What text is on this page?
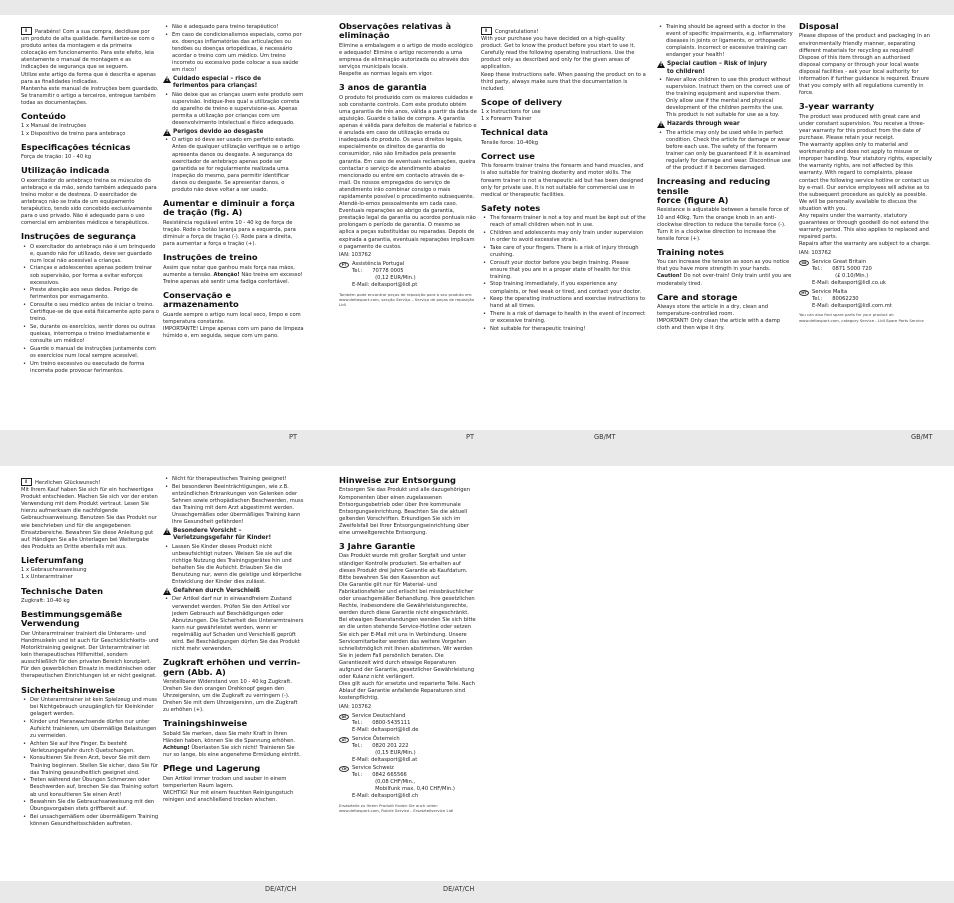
PT	PT	GB/MT	GB/MT
DE/AT/CH	DE/AT/CH

iParabéns! Com a sua compra, decidiuse por um produto de alta qualidade. Familiarize-se com o produto antes da montagem e da primeira colocação em funcionamento. Para este efeito, leia atentamente o manual de montagem e as indicações de segurança que se seguem.
Utilize este artigo da forma que é descrita e apenas para as finalidades indicadas.
Mantenha este manual de instruções bem guardado. Se transmitir o artigo a terceiros, entregue também todas as documentações.

Conteúdo

1 x Manual de instruções
1 x Dispositivo de treino para antebraço

Especificações técnicas

Força de tração: 10 - 40 kg

Utilização indicada

O exercitador do antebraço treina os músculos do antebraço e da mão, sendo também adequado para treino motor e de destreza. O exercitador de antebraço não se trata de um equipamento terapêutico, tendo sido concebido exclusivamente para o uso privado. Não é adequado para o uso comercial em ambientes médicos e terapêuticos.

Instruções de segurança
• O exercitador do antebraço não é um brinquedo e, quando não for utilizado, deve ser guardado num local não acessível a crianças.
• Crianças e adolescentes apenas podem treinar sob supervisão, por forma a evitar esforços excessivos.
• Preste atenção aos seus dedos. Perigo de ferimentos por esmagamento.
• Consulte o seu médico antes de iniciar o treino. Certifique-se de que está fisicamente apto para o treino.
• Se, durante os exercícios, sentir dores ou outras queixas, interrompa o treino imediatamente e consulte um médico!
• Guarde o manual de instruções juntamente com os exercícios num local sempre acessível.
• Um treino excessivo ou executado de forma incorreta pode provocar ferimentos.
• Não é adequado para treino terapêutico!
• Em caso de condicionalismos especiais, como por ex. doenças inflamatórias das articulações ou tendões ou doenças ortopédicas, é necessário acordar o treino com um médico. Um treino incorreto ou excessivo pode colocar a sua saúde em risco!
!
Cuidado especial – risco de
ferimentos para crianças!
• Não deixe que as crianças usem este produto sem supervisão. Indique-lhes qual a utilização correta do aparelho de treino e supervisione-as. Apenas permita a utilização por crianças com um desenvolvimento intelectual e físico adequado.
!
Perigos devido ao desgaste
• O artigo só deve ser usado em perfeito estado. Antes de qualquer utilização verifique se o artigo apresenta danos ou desgaste. A segurança do exercitador de antebraço apenas pode ser garantida se for regularmente realizada uma inspeção do mesmo, para permitir identificar danos ou desgaste. Se apresentar danos, o produto não deve voltar a ser usado.
Aumentar e diminuir a força
de tração (fig. A)

Resistência regulável entre 10 - 40 kg de força de tração. Rode o botão laranja para a esquerda, para diminuir a força de tração (-). Rode para a direita, para aumentar a força e tração (+).

Instruções de treino

Assim que notar que ganhou mais força nas mãos, aumente a tensão. Atenção! Não treine em excesso! Treine apenas até sentir uma fadiga confortável.

Conservação e
armazenamento

Guarde sempre o artigo num local seco, limpo e com temperatura constante.
IMPORTANTE! Limpe apenas com um pano de limpeza húmido e, em seguida, seque com um pano.

Observações relativas à
eliminação

Elimine a embalagem e o artigo de modo ecológico e adequado! Elimine o artigo recorrendo a uma empresa de eliminação autorizada ou através dos serviços municipais locais.
Respeite as normas legais em vigor.

3 anos de garantia

O produto foi produzido com os maiores cuidados e sob constante controlo. Com este produto obtém uma garantia de três anos, válida a partir da data de aquisição. Guarde o talão de compra. A garantia apenas é válida para defeitos de material e fabrico e é anulada em caso de utilização errada ou inadequada do produto. Os seus direitos legais, especialmente os direitos de garantia do consumidor, não são limitados pela presente garantia. Em caso de eventuais reclamações, queira contactar o serviço de atendimento abaixo mencionado ou entre em contacto através de e-mail. Os nossos empregados do serviço de atendimento irão combinar consigo o mais rapidamente possível o procedimento subsequente. Atendê-lo-emos pessoalmente em cada caso. Eventuais reparações ao abrigo da garantia, prestação legal da garantia ou acordos pontuais não prolongam o período de garantia. O mesmo se aplica a peças substituídas ou reparadas. Depois de expirada a garantia, eventuais reparações implicam o pagamento de custos.

IAN: 103762

PT	Assistência Portugal
Tel.:      70778 0005
(0,12 EUR/Min.)
E-Mail: deltasport@lidl.pt

Também pode encontrar peças de reposição para o seu produto em: www.deltasport.com, secção Serviço – Serviço de peças de reposição Lidl

iCongratulations!
With your purchase you have decided on a high-quality product. Get to know the product before you start to use it. Carefully read the following operating instructions. Use the product only as described and only for the given areas of application.
Keep these instructions safe. When passing the product on to a third party, always make sure that the documentation is included.

Scope of delivery

1 x Instructions for use
1 x Forearm Trainer

Technical data

Tensile force: 10-40kg

Correct use

This forearm trainer trains the forearm and hand muscles, and is also suitable for training dexterity and motor skills. The forearm trainer is not a therapeutic aid but has been designed only for private use. It is not suitable for commercial use in medical or therapeutic facilities.

Safety notes
• The forearm trainer is not a toy and must be kept out of the reach of small children when not in use.
• Children and adolescents may only train under supervision in order to avoid excessive strain.
• Take care of your fingers. There is a risk of injury through crushing.
• Consult your doctor before you begin training. Please ensure that you are in a proper state of health for this training.
• Stop training immediately, if you experience any complaints, or feel weak or tired, and contact your doctor.
• Keep the operating instructions and exercise instructions to hand at all times.
• There is a risk of damage to health in the event of incorrect or excessive training.
• Not suitable for therapeutic training!
• Training should be agreed with a doctor in the event of specific impairments, e.g. inflammatory diseases in joints or ligaments, or orthopaedic complaints. Incorrect or excessive training can endanger your health!
!
Special caution – Risk of injury
to children!
• Never allow children to use this product without supervision. Instruct them on the correct use of the training equipment and supervise them. Only allow use if the mental and physical development of the children permits the use. This product is not suitable for use as a toy.
!
Hazards through wear
• The article may only be used while in perfect condition. Check the article for damage or wear before each use. The safety of the forearm trainer can only be guaranteed if it is examined regularly for damage and wear. Discontinue use of the product if it becomes damaged.
Increasing and reducing tensile
force (figure A)

Resistance is adjustable between a tensile force of 10 and 40kg. Turn the orange knob in an anti-clockwise direction to reduce the tensile force (-). Turn it in a clockwise direction to increase the tensile force (+).

Training notes

You can increase the tension as soon as you notice that you have more strength in your hands. Caution! Do not over-train! Only train until you are moderately tired.

Care and storage

Always store the article in a dry, clean and temperature-controlled room.
IMPORTANT! Only clean the article with a damp cloth and then wipe it dry.

Disposal

Please dispose of the product and packaging in an environmentally friendly manner, separating different materials for recycling as required!
Dispose of this item through an authorised disposal company or through your local waste disposal facilities - ask your local authority for information if further guidance is required. Ensure that you comply with all regulations currently in force.

3-year warranty

The product was produced with great care and under constant supervision. You receive a three-year warranty for this product from the date of purchase. Please retain your receipt.
The warranty applies only to material and workmanship and does not apply to misuse or improper handling. Your statutory rights, especially the warranty rights, are not affected by this warranty. With regard to complaints, please contact the following service hotline or contact us by e-mail. Our service employees will advise as to the subsequent procedure as quickly as possible.
We will be personally available to discuss the situation with you.
Any repairs under the warranty, statutory guarantees or through goodwill do not extend the warranty period. This also applies to replaced and repaired parts.
Repairs after the warranty are subject to a charge.

IAN: 103762

GB	Service Great Britain
Tel.:      0871 5000 720
(£ 0.10/Min.)
E-Mail: deltasport@lidl.co.uk
MT	Service Malta
Tel.:      80062230
E-Mail: deltasport@lidl.com.mt

You can also find spare parts for your product at: www.deltasport.com, category Service - Lidl Spare Parts Service

iHerzlichen Glückwunsch!
Mit Ihrem Kauf haben Sie sich für ein hochwertiges Produkt entschieden. Machen Sie sich vor der ersten Verwendung mit dem Produkt vertraut. Lesen Sie hierzu aufmerksam die nachfolgende Gebrauchsanweisung. Benutzen Sie das Produkt nur wie beschrieben und für die angegebenen Einsatzbereiche. Bewahren Sie diese Anleitung gut auf. Händigen Sie alle Unterlagen bei Weitergabe des Produkts an Dritte ebenfalls mit aus.

Lieferumfang

1 x Gebrauchsanweisung
1 x Unterarmtrainer

Technische Daten

Zugkraft: 10-40 kg

Bestimmungsgemäße
Verwendung

Der Unterarmtrainer trainiert die Unterarm- und Handmuskeln und ist auch für Geschicklichkeits- und Motoriktraining geeignet. Der Unterarmtrainer ist kein therapeutisches Hilfsmittel, sondern ausschließlich für den privaten Bereich konzipiert. Für den gewerblichen Einsatz in medizinischen oder therapeutischen Einrichtungen ist er nicht geeignet.

Sicherheitshinweise
• Der Unterarmtrainer ist kein Spielzeug und muss bei Nichtgebrauch unzugänglich für Kleinkinder gelagert werden.
• Kinder und Heranwachsende dürfen nur unter Aufsicht trainieren, um übermäßige Belastungen zu vermeiden.
• Achten Sie auf Ihre Finger. Es besteht Verletzungsgefahr durch Quetschungen.
• Konsultieren Sie Ihren Arzt, bevor Sie mit dem Training beginnen. Stellen Sie sicher, dass Sie für das Training gesundheitlich geeignet sind.
• Treten während der Übungen Schmerzen oder Beschwerden auf, brechen Sie das Training sofort ab und konsultieren Sie einen Arzt!
• Bewahren Sie die Gebrauchsanweisung mit den Übungsvorgaben stets griffbereit auf.
• Bei unsachgemäßem oder übermäßigem Training können Gesundheitsschäden auftreten.
• Nicht für therapeutisches Training geeignet!
• Bei besonderen Beeinträchtigungen, wie z.B. entzündlichen Erkrankungen von Gelenken oder Sehnen sowie orthopädischen Beschwerden, muss das Training mit dem Arzt abgestimmt werden. Unsachgemäßes oder übermäßiges Training kann Ihre Gesundheit gefährden!
!
Besondere Vorsicht –
Verletzungsgefahr für Kinder!
• Lassen Sie Kinder dieses Produkt nicht unbeaufsichtigt nutzen. Weisen Sie sie auf die richtige Nutzung des Trainingsgerätes hin und behalten Sie die Aufsicht. Erlauben Sie die Benutzung nur, wenn die geistige und körperliche Entwicklung der Kinder dies zulässt.
!
Gefahren durch Verschleiß
• Der Artikel darf nur in einwandfreiem Zustand verwendet werden. Prüfen Sie den Artikel vor jedem Gebrauch auf Beschädigungen oder Abnutzungen. Die Sicherheit des Unterarmtrainers kann nur gewährleistet werden, wenn er regelmäßig auf Schaden und Verschleiß geprüft wird. Bei Beschädigungen dürfen Sie das Produkt nicht mehr verwenden.
Zugkraft erhöhen und verrin-
gern (Abb. A)

Verstellbarer Widerstand von 10 - 40 kg Zugkraft. Drehen Sie den orangen Drehknopf gegen den Uhrzeigersinn, um die Zugkraft zu verringern (-). Drehen Sie mit dem Uhrzeigersinn, um die Zugkraft zu erhöhen (+).

Trainingshinweise

Sobald Sie merken, dass Sie mehr Kraft in Ihren Händen haben, können Sie die Spannung erhöhen. Achtung! Überlasten Sie sich nicht! Trainieren Sie nur so lange, bis eine angenehme Ermüdung eintritt.

Pflege und Lagerung

Den Artikel immer trocken und sauber in einem temperierten Raum lagern.
WICHTIG! Nur mit einem feuchten Reinigungstuch reinigen und anschließend trocken wischen.

Hinweise zur Entsorgung

Entsorgen Sie das Produkt und alle dazugehörigen Komponenten über einen zugelassenen Entsorgungsbetrieb oder über Ihre kommunale Entsorgungseinrichtung. Beachten Sie die aktuell geltenden Vorschriften. Erkundigen Sie sich im Zweifelsfall bei Ihrer Entsorgungseinrichtung über eine umweltgerechte Entsorgung.

3 Jahre Garantie

Das Produkt wurde mit großer Sorgfalt und unter ständiger Kontrolle produziert. Sie erhalten auf dieses Produkt drei Jahre Garantie ab Kaufdatum. Bitte bewahren Sie den Kassenbon auf.
Die Garantie gilt nur für Material- und Fabrikationsfehler und erlischt bei missbräuchlicher oder unsachgemäßer Behandlung. Ihre gesetzlichen Rechte, insbesondere die Gewährleistungsrechte, werden durch diese Garantie nicht eingeschränkt. Bei etwaigen Beanstandungen wenden Sie sich bitte an die unten stehende Service-Hotline oder setzen Sie sich per E-Mail mit uns in Verbindung. Unsere Servicemitarbeiter werden das weitere Vorgehen schnellstmöglich mit Ihnen abstimmen. Wir werden Sie in jedem Fall persönlich beraten. Die Garantiezeit wird durch etwaige Reparaturen aufgrund der Garantie, gesetzlicher Gewährleistung oder Kulanz nicht verlängert.
Dies gilt auch für ersetzte und reparierte Teile. Nach Ablauf der Garantie anfallende Reparaturen sind kostenpflichtig.

IAN: 103762

DE	Service Deutschland
Tel.:      0800-5435111
E-Mail: deltasport@lidl.de
AT	Service Österreich
Tel.:      0820 201 222
(0,15 EUR/Min.)
E-Mail: deltasport@lidl.at
CH	Service Schweiz
Tel.:      0842 665566
(0,08 CHF/Min.,
Mobilfunk max. 0,40 CHF/Min.)
E-Mail: deltasport@lidl.ch

Ersatzteile zu Ihrem Produkt finden Sie auch unter: www.deltasport.com, Rubrik Service - Ersatzteilservice Lidl
